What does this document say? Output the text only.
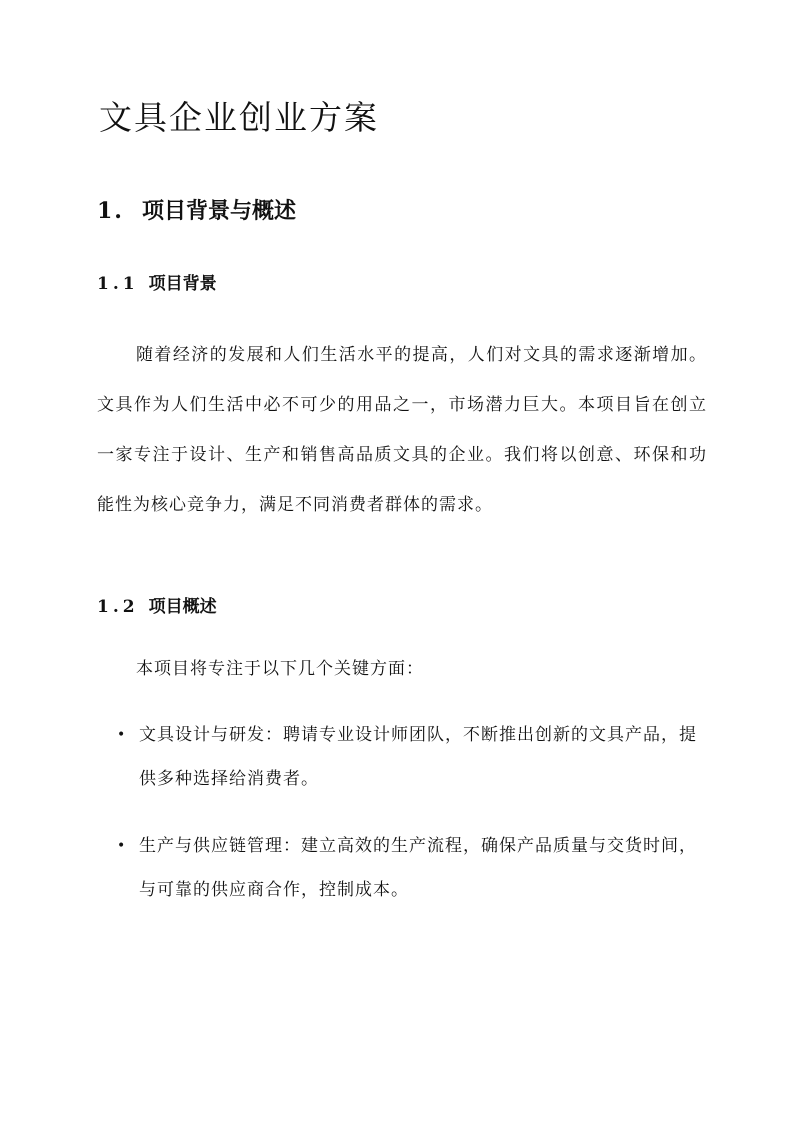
文具企业创业方案
1. 项目背景与概述
1.1 项目背景

随着经济的发展和人们生活水平的提高，人们对文具的需求逐渐增加。文具作为人们生活中必不可少的用品之一，市场潜力巨大。本项目旨在创立一家专注于设计、生产和销售高品质文具的企业。我们将以创意、环保和功能性为核心竞争力，满足不同消费者群体的需求。

1.2 项目概述

本项目将专注于以下几个关键方面：

• 文具设计与研发：聘请专业设计师团队，不断推出创新的文具产品，提供多种选择给消费者。
• 生产与供应链管理：建立高效的生产流程，确保产品质量与交货时间，与可靠的供应商合作，控制成本。
